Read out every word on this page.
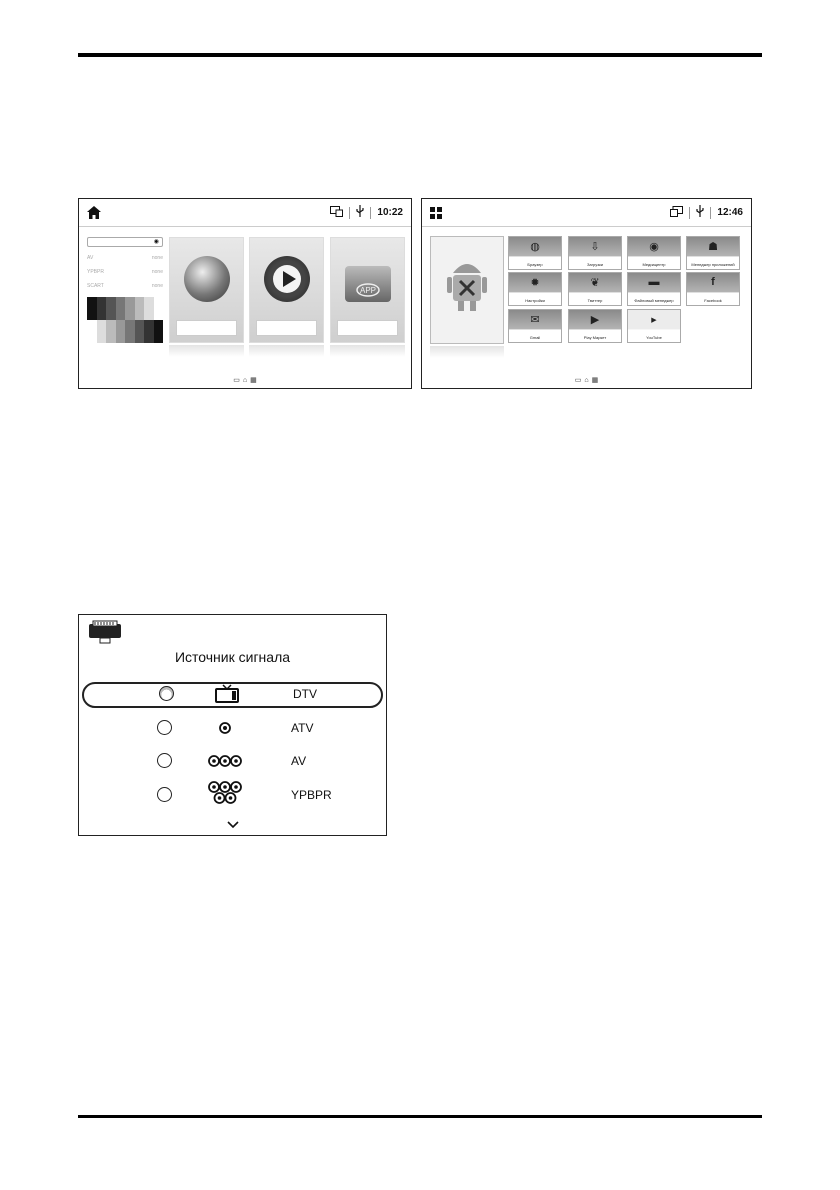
10:22
◉
AV	none
YPBPR	none
SCART	none	APP
▭ ⌂ ▦
12:46
◍
Браузер
⇩
Загрузки
◉
Медиацентр
☗
Менеджер приложений
✹
Настройки
❦
Твиттер
▬
Файловый менеджер
f
Facebook
✉
Gmail
▶
Play Маркет
▶
YouTube
▭ ⌂ ▦
Источник сигнала
DTV
ATV
AV
YPBPR
